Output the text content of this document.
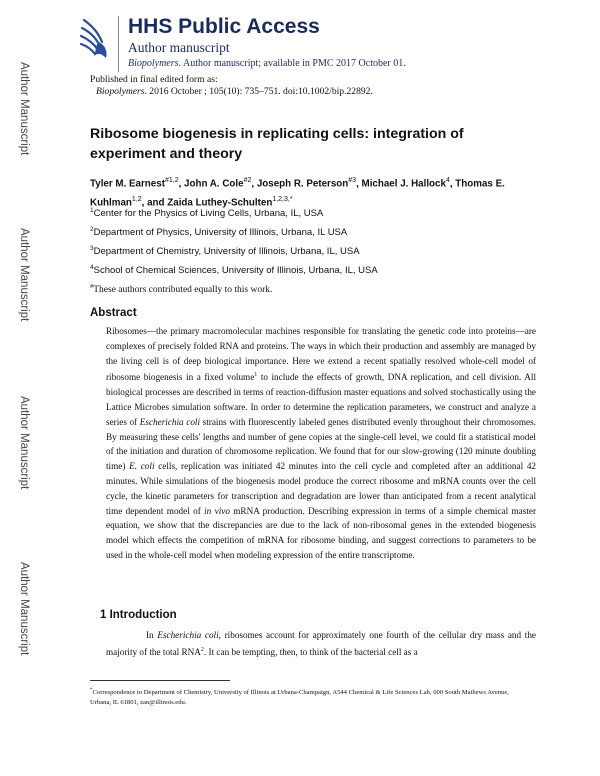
Author Manuscript
Author Manuscript
Author Manuscript
Author Manuscript
HHS Public Access
Author manuscript
Biopolymers. Author manuscript; available in PMC 2017 October 01.
Published in final edited form as:
Biopolymers. 2016 October ; 105(10): 735–751. doi:10.1002/bip.22892.
Ribosome biogenesis in replicating cells: integration of experiment and theory
Tyler M. Earnest$^{\#1,2}$, John A. Cole$^{\#2}$, Joseph R. Peterson$^{\#3}$, Michael J. Hallock$^4$, Thomas E. Kuhlman$^{1,2}$, and Zaida Luthey-Schulten$^{1,2,3,*}$
$^1$Center for the Physics of Living Cells, Urbana, IL, USA
$^2$Department of Physics, University of Illinois, Urbana, IL USA
$^3$Department of Chemistry, University of Illinois, Urbana, IL, USA
$^4$School of Chemical Sciences, University of Illinois, Urbana, IL, USA
#These authors contributed equally to this work.
Abstract
Ribosomes—the primary macromolecular machines responsible for translating the genetic code into proteins—are complexes of precisely folded RNA and proteins. The ways in which their production and assembly are managed by the living cell is of deep biological importance. Here we extend a recent spatially resolved whole-cell model of ribosome biogenesis in a fixed volume$^1$ to include the effects of growth, DNA replication, and cell division. All biological processes are described in terms of reaction-diffusion master equations and solved stochastically using the Lattice Microbes simulation software. In order to determine the replication parameters, we construct and analyze a series of Escherichia coli strains with fluorescently labeled genes distributed evenly throughout their chromosomes. By measuring these cells' lengths and number of gene copies at the single-cell level, we could fit a statistical model of the initiation and duration of chromosome replication. We found that for our slow-growing (120 minute doubling time) E. coli cells, replication was initiated 42 minutes into the cell cycle and completed after an additional 42 minutes. While simulations of the biogenesis model produce the correct ribosome and mRNA counts over the cell cycle, the kinetic parameters for transcription and degradation are lower than anticipated from a recent analytical time dependent model of in vivo mRNA production. Describing expression in terms of a simple chemical master equation, we show that the discrepancies are due to the lack of non-ribosomal genes in the extended biogenesis model which effects the competition of mRNA for ribosome binding, and suggest corrections to parameters to be used in the whole-cell model when modeling expression of the entire transcriptome.
1 Introduction
In Escherichia coli, ribosomes account for approximately one fourth of the cellular dry mass and the majority of the total RNA$^2$. It can be tempting, then, to think of the bacterial cell as a
*Correspondence to Department of Chemistry, University of Illinois at Urbana-Champaign, A544 Chemical & Life Sciences Lab, 600 South Mathews Avenue, Urbana, IL 61801, zan@illinois.edu.
